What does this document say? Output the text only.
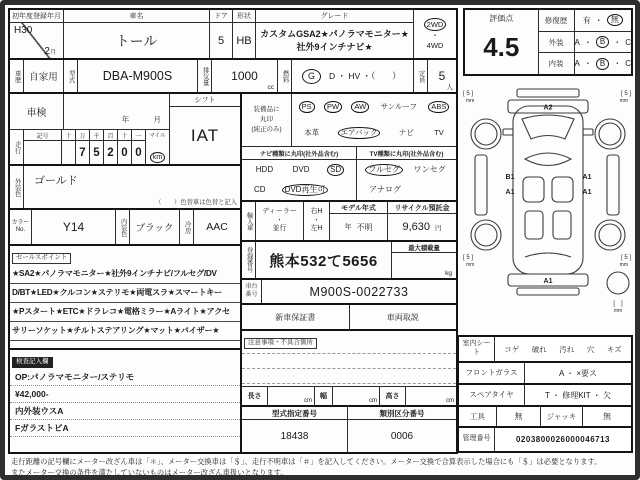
初年度登録年月
H30
2月
車名
トール
ドア
5
形状
HB
グレード
カスタムGSA2★パノラマモニター★社外9インチナビ★
2WD
・
4WD
車歴 自家用	型式	DBA-M900S	排気量 1000
cc
燃料	G	D ・ HV ・（　　）	定員 5
人
車検
年	月
走行
記号	十	万
7
千
5
百
2
十
0
一
0
マイル
km
シフト
IAT
外装色	ゴールド
（　　）色替車は色替と記入
カラーNo.	Y14	内装色 ブラック	冷房	AAC
セールスポイント
★SA2★パノラマモニター★社外9インチナビ/フルセグ/DV
D/BT★LED★クルコン★ステリモ★両電スラ★スマートキー
★Pスタート★ETC★ドラレコ★電格ミラー★Aライト★アクセ
サリーソケット★チルトステアリング★マット★バイザー★
検査記入欄
OP:パノラマモニター/ステリモ
¥42,000-
内外装ウスA
FガラストビA
装備品に
丸印
(純正のみ)
PS	PW	AW	サンルーフ	ABS
本革	エアバック	ナビ	TV
ナビ種類に丸印(社外品含む)	TV種類に丸印(社外品含む)
HDD DVD	SD
CD	DVD再生可
フルセグ	ワンセグ
アナログ
輸入車	ディーラー
・
並行
右H
・
左H
モデル年式
年 不明
リサイクル預託金
9,630 円
登録番号	熊本532て5656
最大積載量
kg
車台番号	M900S-0022733
新車保証書	車両取説
注意事項・不具合箇所
長さ
cm
幅
cm
高さ
cm
型式指定番号	類別区分番号
18438	0006
評価点
4.5
修復歴	有 ・	無
外装	A ・	B	・ C
内装	A ・	B	・ C
A2
B1
A1
A1
A1
A1
[ 5 ]
mm
[ 5 ]
mm
[ 5 ]
mm
[ 5 ]
mm
[　]
mm
室内シート	コゲ 破れ 汚れ 穴 キズ
フロントガラス	A ・ ×要ス
スペアタイヤ	T ・ 修理KIT ・ 欠
工具	無	ジャッキ	無
管理番号	0203800026000046713
走行距離の記号欄にメーター改ざん車は「＊」、メーター交換車は「＄」、走行不明車は「＃」を記入してください。メーター交換で合算表示した場合にも「＄」は必要となります。
またメーター交換の条件を満たしていないものはメーター改ざん車扱いとなります。
